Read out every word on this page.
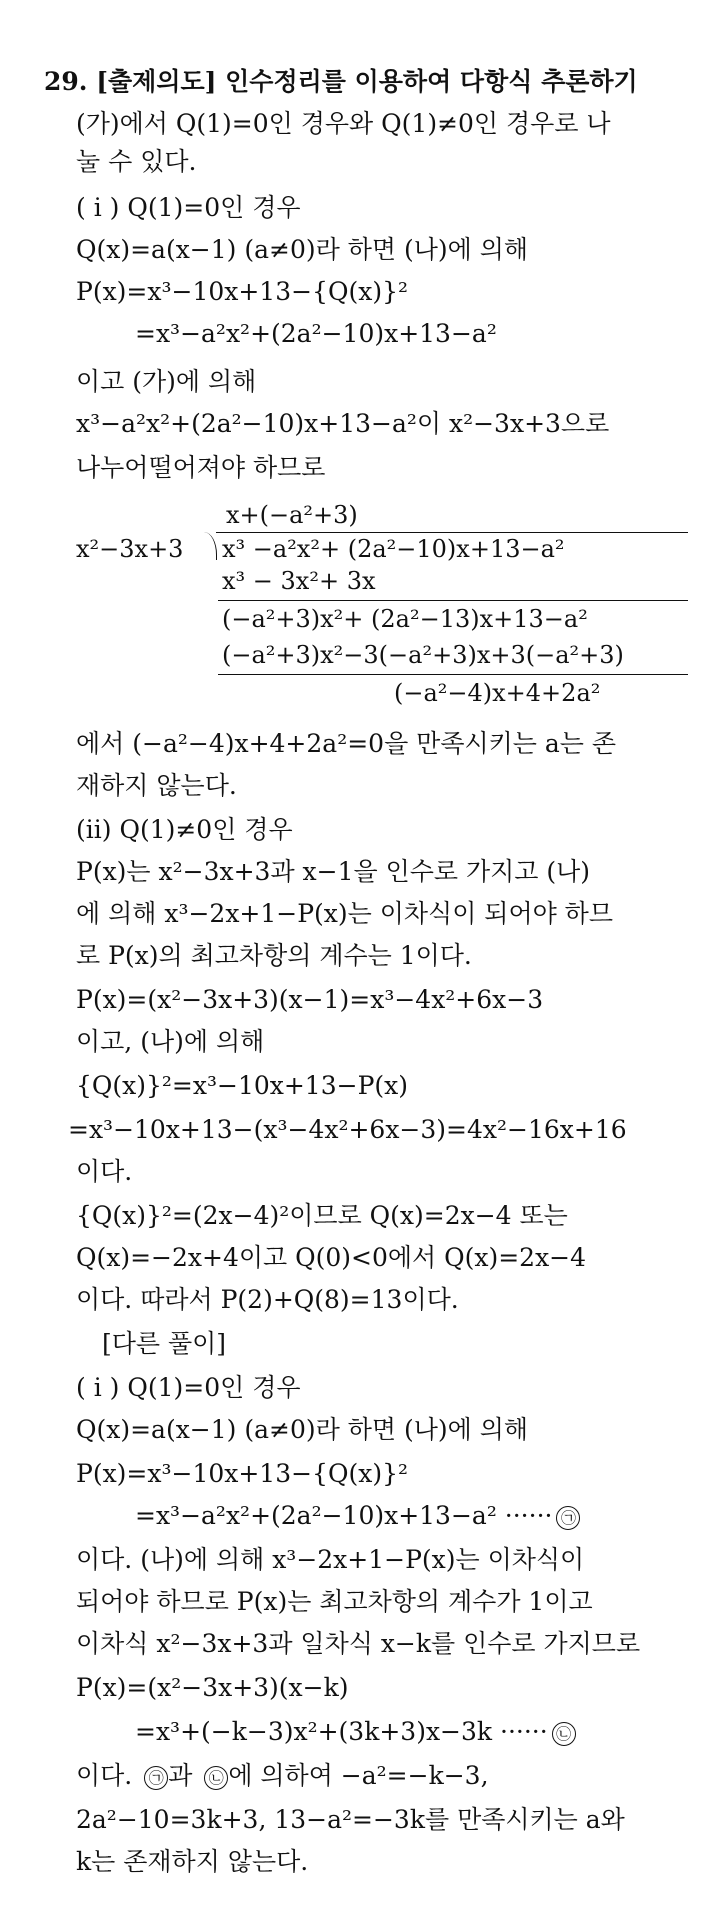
29. [출제의도] 인수정리를 이용하여 다항식 추론하기
(가)에서 Q(1)=0인 경우와 Q(1)≠0인 경우로 나
눌 수 있다.
( i ) Q(1)=0인 경우
Q(x)=a(x−1) (a≠0)라 하면 (나)에 의해
P(x)=x³−10x+13−{Q(x)}²
=x³−a²x²+(2a²−10)x+13−a²
이고 (가)에 의해
x³−a²x²+(2a²−10)x+13−a²이 x²−3x+3으로
나누어떨어져야 하므로
x+(−a²+3)
x²−3x+3 x³ −a²x²+ (2a²−10)x+13−a²
x³ − 3x²+ 3x
(−a²+3)x²+ (2a²−13)x+13−a²
(−a²+3)x²−3(−a²+3)x+3(−a²+3)
(−a²−4)x+4+2a²
에서 (−a²−4)x+4+2a²=0을 만족시키는 a는 존
재하지 않는다.
(ii) Q(1)≠0인 경우
P(x)는 x²−3x+3과 x−1을 인수로 가지고 (나)
에 의해 x³−2x+1−P(x)는 이차식이 되어야 하므
로 P(x)의 최고차항의 계수는 1이다.
P(x)=(x²−3x+3)(x−1)=x³−4x²+6x−3
이고, (나)에 의해
{Q(x)}²=x³−10x+13−P(x)
=x³−10x+13−(x³−4x²+6x−3)=4x²−16x+16
이다.
{Q(x)}²=(2x−4)²이므로 Q(x)=2x−4 또는
Q(x)=−2x+4이고 Q(0)<0에서 Q(x)=2x−4
이다. 따라서 P(2)+Q(8)=13이다.
[다른 풀이]
( i ) Q(1)=0인 경우
Q(x)=a(x−1) (a≠0)라 하면 (나)에 의해
P(x)=x³−10x+13−{Q(x)}²
=x³−a²x²+(2a²−10)x+13−a² ······ ㉠
이다. (나)에 의해 x³−2x+1−P(x)는 이차식이
되어야 하므로 P(x)는 최고차항의 계수가 1이고
이차식 x²−3x+3과 일차식 x−k를 인수로 가지므로
P(x)=(x²−3x+3)(x−k)
=x³+(−k−3)x²+(3k+3)x−3k ······ ㉡
이다. ㉠ 과 ㉡ 에 의하여 −a²=−k−3,
2a²−10=3k+3, 13−a²=−3k를 만족시키는 a와
k는 존재하지 않는다.
